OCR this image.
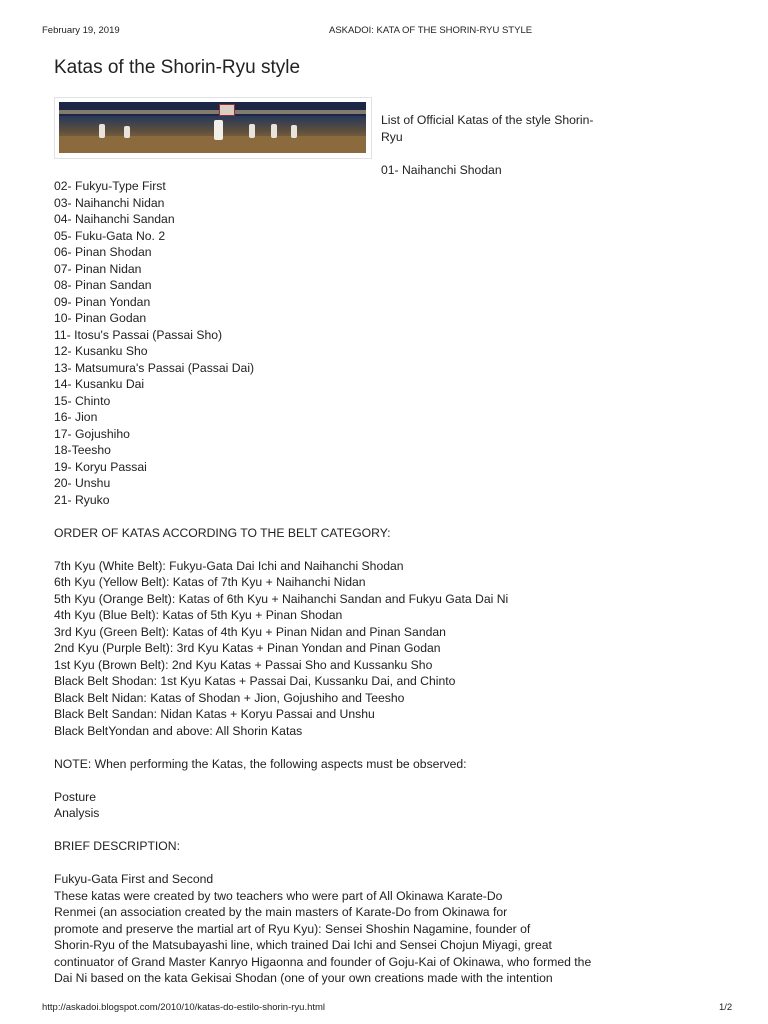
February 19, 2019	ASKADOI: KATA OF THE SHORIN-RYU STYLE
Katas of the Shorin-Ryu style

List of Official Katas of the style Shorin-Ryu

01- Naihanchi Shodan

02- Fukyu-Type First
03- Naihanchi Nidan
04- Naihanchi Sandan
05- Fuku-Gata No. 2
06- Pinan Shodan
07- Pinan Nidan
08- Pinan Sandan
09- Pinan Yondan
10- Pinan Godan
11- Itosu's Passai (Passai Sho)
12- Kusanku Sho
13- Matsumura's Passai (Passai Dai)
14- Kusanku Dai
15- Chinto
16- Jion
17- Gojushiho
18-Teesho
19- Koryu Passai
20- Unshu
21- Ryuko
ORDER OF KATAS ACCORDING TO THE BELT CATEGORY:
7th Kyu (White Belt): Fukyu-Gata Dai Ichi and Naihanchi Shodan
6th Kyu (Yellow Belt): Katas of 7th Kyu + Naihanchi Nidan
5th Kyu (Orange Belt): Katas of 6th Kyu + Naihanchi Sandan and Fukyu Gata Dai Ni
4th Kyu (Blue Belt): Katas of 5th Kyu + Pinan Shodan
3rd Kyu (Green Belt): Katas of 4th Kyu + Pinan Nidan and Pinan Sandan
2nd Kyu (Purple Belt): 3rd Kyu Katas + Pinan Yondan and Pinan Godan
1st Kyu (Brown Belt): 2nd Kyu Katas + Passai Sho and Kussanku Sho
Black Belt Shodan: 1st Kyu Katas + Passai Dai, Kussanku Dai, and Chinto
Black Belt Nidan: Katas of Shodan + Jion, Gojushiho and Teesho
Black Belt Sandan: Nidan Katas + Koryu Passai and Unshu
Black BeltYondan and above: All Shorin Katas
NOTE: When performing the Katas, the following aspects must be observed:
Posture
Analysis
BRIEF DESCRIPTION:
Fukyu-Gata First and Second
These katas were created by two teachers who were part of All Okinawa Karate-Do
Renmei (an association created by the main masters of Karate-Do from Okinawa for
promote and preserve the martial art of Ryu Kyu): Sensei Shoshin Nagamine, founder of
Shorin-Ryu of the Matsubayashi line, which trained Dai Ichi and Sensei Chojun Miyagi, great
continuator of Grand Master Kanryo Higaonna and founder of Goju-Kai of Okinawa, who formed the
Dai Ni based on the kata Gekisai Shodan (one of your own creations made with the intention
http://askadoi.blogspot.com/2010/10/katas-do-estilo-shorin-ryu.html	1/2
